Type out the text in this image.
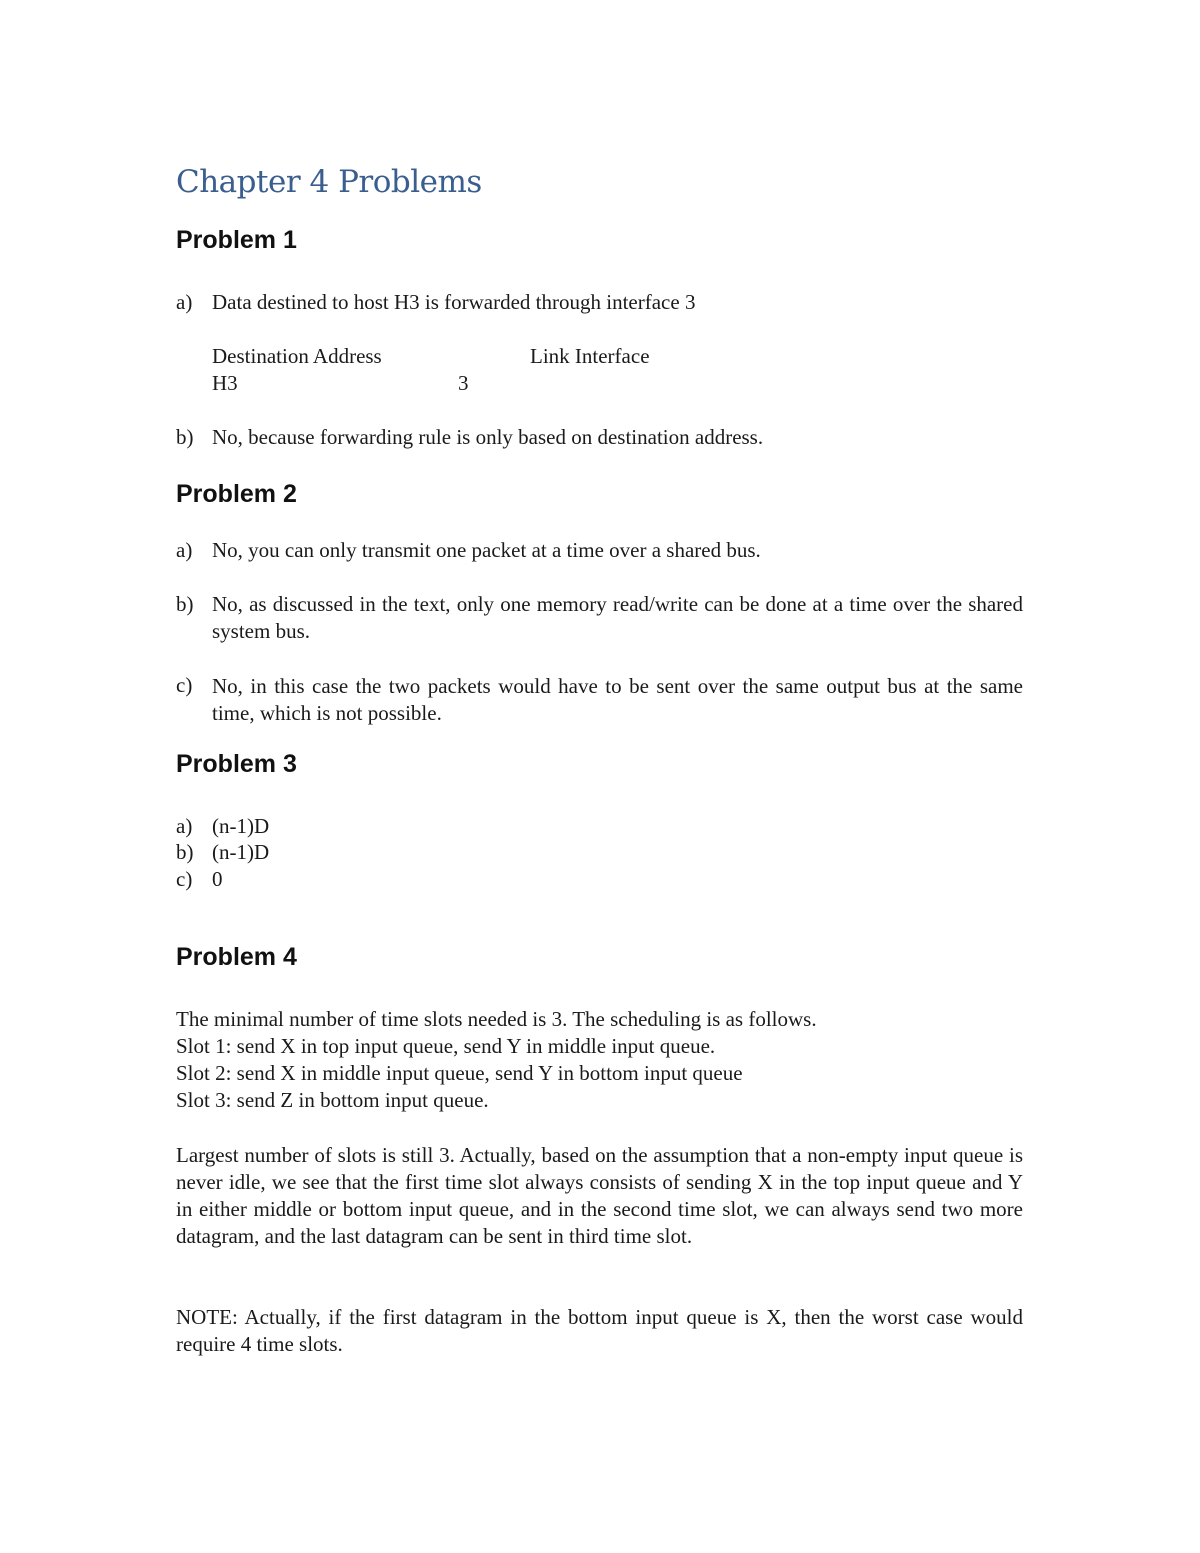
Chapter 4 Problems
Problem 1
a) Data destined to host H3 is forwarded through interface 3
Destination Address	Link Interface
H3	3
b) No, because forwarding rule is only based on destination address.
Problem 2
a) No, you can only transmit one packet at a time over a shared bus.
b) No, as discussed in the text, only one memory read/write can be done at a time over the shared system bus.
c) No, in this case the two packets would have to be sent over the same output bus at the same time, which is not possible.
Problem 3
a) (n-1)D
b) (n-1)D
c) 0
Problem 4
The minimal number of time slots needed is 3. The scheduling is as follows.
Slot 1: send X in top input queue, send Y in middle input queue.
Slot 2: send X in middle input queue, send Y in bottom input queue
Slot 3: send Z in bottom input queue.
Largest number of slots is still 3. Actually, based on the assumption that a non-empty input queue is never idle, we see that the first time slot always consists of sending X in the top input queue and Y in either middle or bottom input queue, and in the second time slot, we can always send two more datagram, and the last datagram can be sent in third time slot.
NOTE: Actually, if the first datagram in the bottom input queue is X, then the worst case would require 4 time slots.
